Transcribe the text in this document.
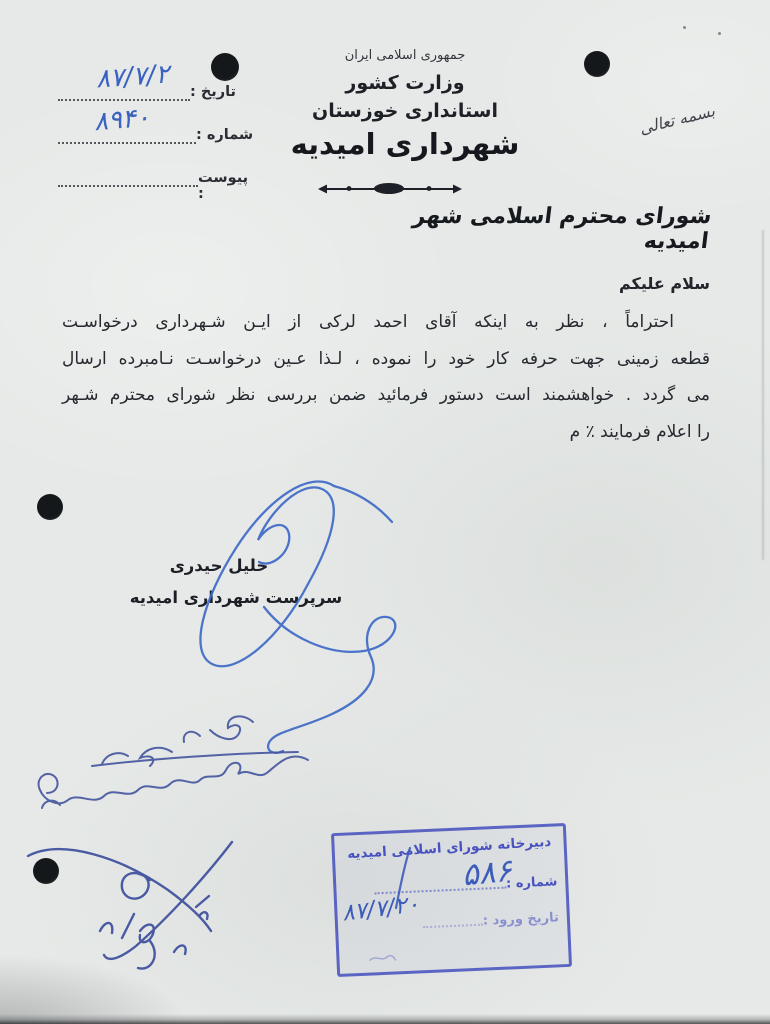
جمهوری اسلامی ایران
وزارت کشور
استانداری خوزستان
شهرداری امیدیه
بسمه تعالی
تاریخ :
۸۷/۷/۲
شماره :
۸۹۴۰
پیوست :
شورای محترم اسلامی شهر امیدیه
سلام علیکم
احتراماً ، نظر به اینکه آقای احمد لرکی از ایـن شـهرداری درخواسـت
قطعه زمینی جهت حرفه کار خود را نموده ، لـذا عـین درخواسـت نـامبرده ارسال
می گردد . خواهشمند است دستور فرمائید ضمن بررسی نظر شورای محترم شـهر
را اعلام فرمایند ٪ م
خلیل حیدری
سرپرست شهرداری امیدیه
دبیرخانه شورای اسلامی امیدیه
شماره :
تاریخ ورود :
۵۸۶
۸۷/۷/۲۰
